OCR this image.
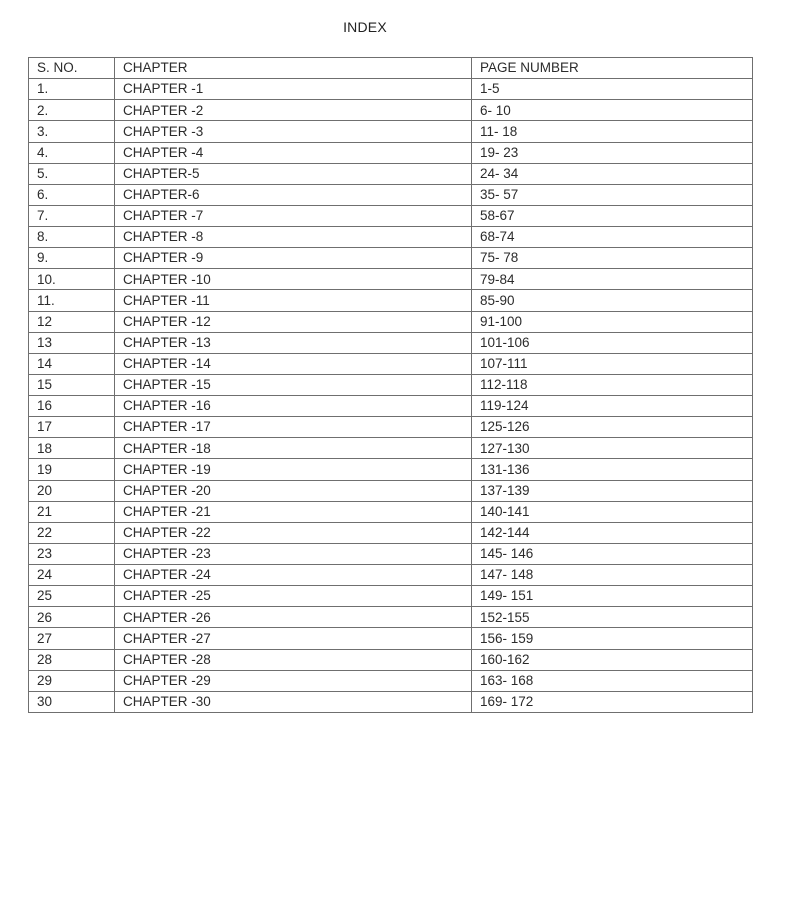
INDEX
S. NO.	CHAPTER	PAGE NUMBER
1.	CHAPTER -1	1-5
2.	CHAPTER -2	6- 10
3.	CHAPTER -3	11- 18
4.	CHAPTER -4	19- 23
5.	CHAPTER-5	24- 34
6.	CHAPTER-6	35- 57
7.	CHAPTER -7	58-67
8.	CHAPTER -8	68-74
9.	CHAPTER -9	75- 78
10.	CHAPTER -10	79-84
11.	CHAPTER -11	85-90
12	CHAPTER -12	91-100
13	CHAPTER -13	101-106
14	CHAPTER -14	107-111
15	CHAPTER -15	112-118
16	CHAPTER -16	119-124
17	CHAPTER -17	125-126
18	CHAPTER -18	127-130
19	CHAPTER -19	131-136
20	CHAPTER -20	137-139
21	CHAPTER -21	140-141
22	CHAPTER -22	142-144
23	CHAPTER -23	145- 146
24	CHAPTER -24	147- 148
25	CHAPTER -25	149- 151
26	CHAPTER -26	152-155
27	CHAPTER -27	156- 159
28	CHAPTER -28	160-162
29	CHAPTER -29	163- 168
30	CHAPTER -30	169- 172
